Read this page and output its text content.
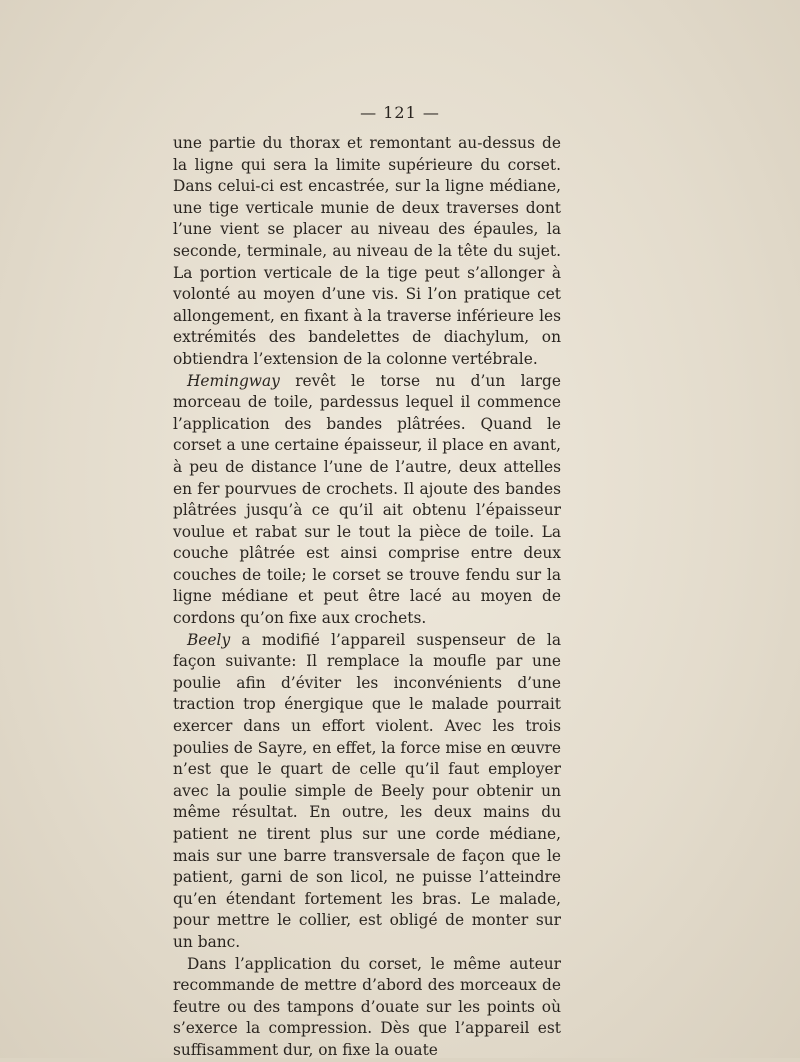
— 121 —

une partie du thorax et remontant au-dessus de la ligne qui sera la limite supérieure du corset. Dans celui-ci est encastrée, sur la ligne médiane, une tige verticale munie de deux traverses dont l’une vient se placer au niveau des épaules, la seconde, terminale, au niveau de la tête du sujet. La portion verticale de la tige peut s’allonger à volonté au moyen d’une vis. Si l’on pratique cet allongement, en fixant à la traverse inférieure les extrémités des bandelettes de diachylum, on obtiendra l’extension de la colonne vertébrale.

Hemingway revêt le torse nu d’un large morceau de toile, pardessus lequel il commence l’application des bandes plâtrées. Quand le corset a une certaine épaisseur, il place en avant, à peu de distance l’une de l’autre, deux attelles en fer pourvues de crochets. Il ajoute des bandes plâtrées jusqu’à ce qu’il ait obtenu l’épaisseur voulue et rabat sur le tout la pièce de toile. La couche plâtrée est ainsi comprise entre deux couches de toile; le corset se trouve fendu sur la ligne médiane et peut être lacé au moyen de cordons qu’on fixe aux crochets.

Beely a modifié l’appareil suspenseur de la façon suivante: Il remplace la moufle par une poulie afin d’éviter les inconvénients d’une traction trop énergique que le malade pourrait exercer dans un effort violent. Avec les trois poulies de Sayre, en effet, la force mise en œuvre n’est que le quart de celle qu’il faut employer avec la poulie simple de Beely pour obtenir un même résultat. En outre, les deux mains du patient ne tirent plus sur une corde médiane, mais sur une barre transversale de façon que le patient, garni de son licol, ne puisse l’atteindre qu’en étendant fortement les bras. Le malade, pour mettre le collier, est obligé de monter sur un banc.

Dans l’application du corset, le même auteur recommande de mettre d’abord des morceaux de feutre ou des tampons d’ouate sur les points où s’exerce la compression. Dès que l’appareil est suffisamment dur, on fixe la ouate
